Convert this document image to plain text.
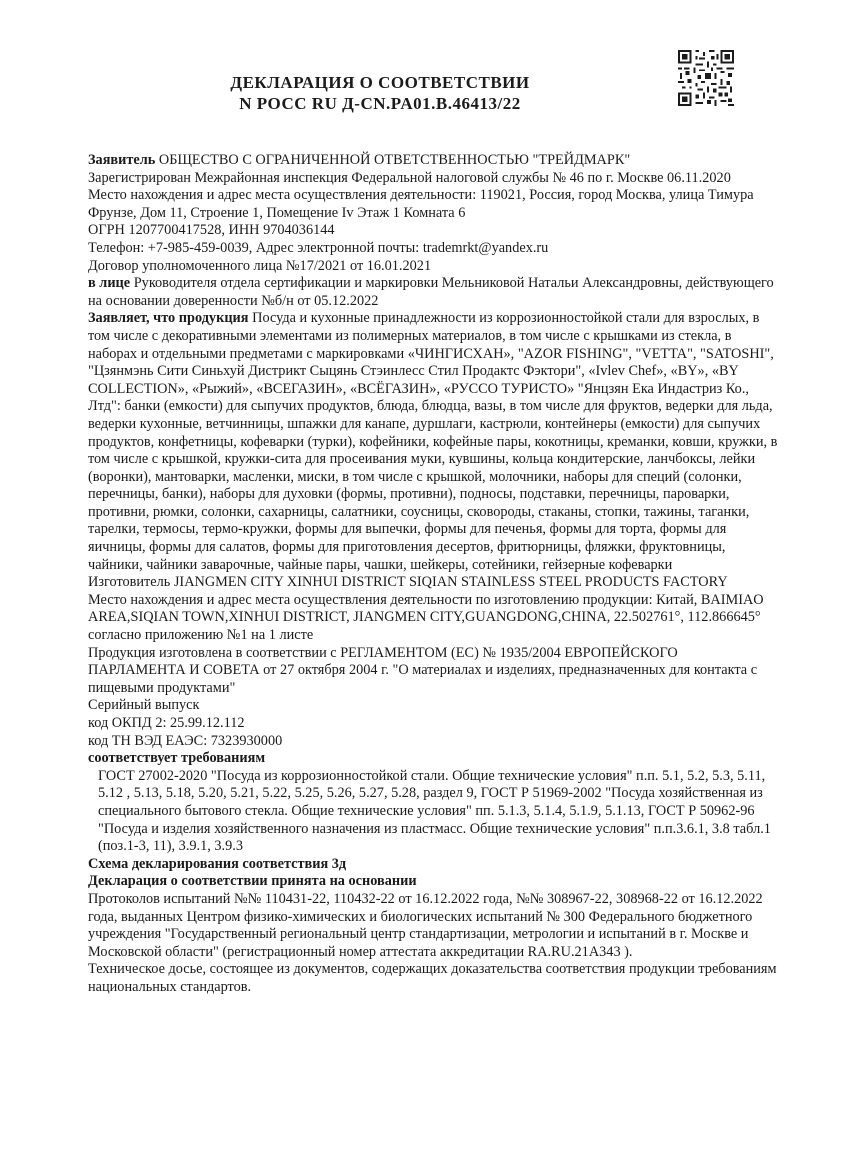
ДЕКЛАРАЦИЯ О СООТВЕТСТВИИ
N РОСС RU Д-CN.PA01.B.46413/22

Заявитель ОБЩЕСТВО С ОГРАНИЧЕННОЙ ОТВЕТСТВЕННОСТЬЮ "ТРЕЙДМАРК"

Зарегистрирован Межрайонная инспекция Федеральной налоговой службы № 46 по г. Москве 06.11.2020

Место нахождения и адрес места осуществления деятельности: 119021, Россия, город Москва, улица Тимура Фрунзе, Дом 11, Строение 1, Помещение Iv Этаж 1 Комната 6

ОГРН 1207700417528, ИНН 9704036144

Телефон: +7-985-459-0039, Адрес электронной почты: trademrkt@yandex.ru

Договор уполномоченного лица №17/2021 от 16.01.2021

в лице Руководителя отдела сертификации и маркировки Мельниковой Натальи Александровны, действующего на основании доверенности №б/н от 05.12.2022

Заявляет, что продукция Посуда и кухонные принадлежности из коррозионностойкой стали для взрослых, в том числе с декоративными элементами из полимерных материалов, в том числе с крышками из стекла, в наборах и отдельными предметами с маркировками «ЧИНГИСХАН», "AZOR FISHING", "VETTA", "SATOSHI", "Цзянмэнь Сити Синьхуй Дистрикт Сыцянь Стэинлесс Стил Продактс Фэктори", «Ivlev Chef», «BY», «BY COLLECTION», «Рыжий», «ВСЕГАЗИН», «ВСЁГАЗИН», «РУССО ТУРИСТО» "Янцзян Ека Индастриз Ко., Лтд": банки (емкости) для сыпучих продуктов, блюда, блюдца, вазы, в том числе для фруктов, ведерки для льда, ведерки кухонные, ветчинницы, шпажки для канапе, дуршлаги, кастрюли, контейнеры (емкости) для сыпучих продуктов, конфетницы, кофеварки (турки), кофейники, кофейные пары, кокотницы, креманки, ковши, кружки, в том числе с крышкой, кружки-сита для просеивания муки, кувшины, кольца кондитерские, ланчбоксы, лейки (воронки), мантоварки, масленки, миски, в том числе с крышкой, молочники, наборы для специй (солонки, перечницы, банки), наборы для духовки (формы, противни), подносы, подставки, перечницы, пароварки, противни, рюмки, солонки, сахарницы, салатники, соусницы, сковороды, стаканы, стопки, тажины, таганки, тарелки, термосы, термо-кружки, формы для выпечки, формы для печенья, формы для торта, формы для яичницы, формы для салатов, формы для приготовления десертов, фритюрницы, фляжки, фруктовницы, чайники, чайники заварочные, чайные пары, чашки, шейкеры, сотейники, гейзерные кофеварки

Изготовитель JIANGMEN CITY XINHUI DISTRICT SIQIAN STAINLESS STEEL PRODUCTS FACTORY

Место нахождения и адрес места осуществления деятельности по изготовлению продукции: Китай, BAIMIAO AREA,SIQIAN TOWN,XINHUI DISTRICT, JIANGMEN CITY,GUANGDONG,CHINA, 22.502761°, 112.866645°

согласно приложению №1 на 1 листе

Продукция изготовлена в соответствии с РЕГЛАМЕНТОМ (ЕС) № 1935/2004 ЕВРОПЕЙСКОГО ПАРЛАМЕНТА И СОВЕТА от 27 октября 2004 г. "О материалах и изделиях, предназначенных для контакта с пищевыми продуктами"

Серийный выпуск

код ОКПД 2: 25.99.12.112

код ТН ВЭД ЕАЭС: 7323930000

соответствует требованиям

ГОСТ 27002-2020 "Посуда из коррозионностойкой стали. Общие технические условия" п.п. 5.1, 5.2, 5.3, 5.11, 5.12 , 5.13, 5.18, 5.20, 5.21, 5.22, 5.25, 5.26, 5.27, 5.28, раздел 9, ГОСТ Р 51969-2002 "Посуда хозяйственная из специального бытового стекла. Общие технические условия" пп. 5.1.3, 5.1.4, 5.1.9, 5.1.13, ГОСТ Р 50962-96 "Посуда и изделия хозяйственного назначения из пластмасс. Общие технические условия" п.п.3.6.1, 3.8 табл.1 (поз.1-3, 11), 3.9.1, 3.9.3

Схема декларирования соответствия 3д

Декларация о соответствии принята на основании

Протоколов испытаний №№ 110431-22, 110432-22 от 16.12.2022 года, №№ 308967-22, 308968-22 от 16.12.2022 года, выданных Центром физико-химических и биологических испытаний № 300 Федерального бюджетного учреждения "Государственный региональный центр стандартизации, метрологии и испытаний в г. Москве и Московской области" (регистрационный номер аттестата аккредитации RA.RU.21A343 ).

Техническое досье, состоящее из документов, содержащих доказательства соответствия продукции требованиям национальных стандартов.
